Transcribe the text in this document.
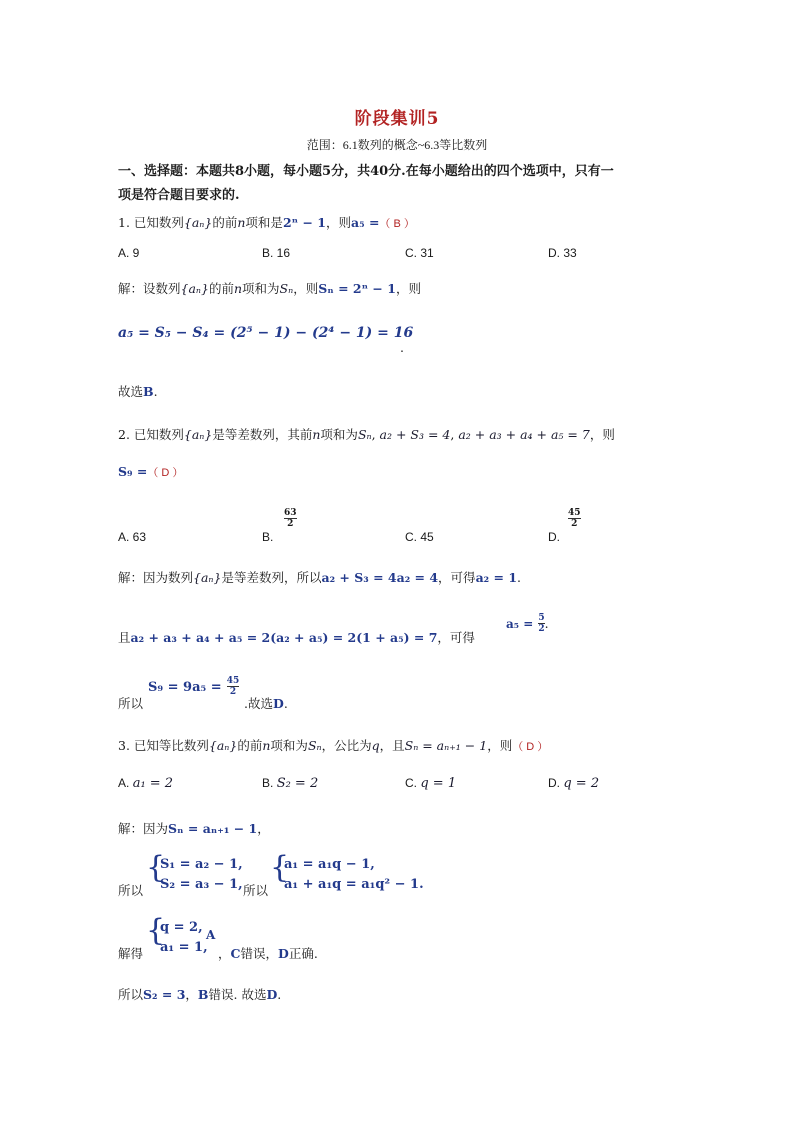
阶段集训5
范围：6.1数列的概念~6.3等比数列
一、选择题：本题共8小题，每小题5分，共40分.在每小题给出的四个选项中，只有一
项是符合题目要求的.
1. 已知数列{aₙ}的前n项和是2ⁿ − 1，则a₅ =（ B ）
A. 9	B. 16	C. 31	D. 33
解：设数列{aₙ}的前n项和为Sₙ，则Sₙ = 2ⁿ − 1，则
a₅ = S₅ − S₄ = (2⁵ − 1) − (2⁴ − 1) = 16
.
故选B.
2. 已知数列{aₙ}是等差数列，其前n项和为Sₙ, a₂ + S₃ = 4, a₂ + a₃ + a₄ + a₅ = 7，则
S₉ =（ D ）
A. 63	B.
$\frac{63}{2}$
C. 45	D.
$\frac{45}{2}$
解：因为数列{aₙ}是等差数列，所以a₂ + S₃ = 4a₂ = 4，可得a₂ = 1.
且a₂ + a₃ + a₄ + a₅ = 2(a₂ + a₅) = 2(1 + a₅) = 7，可得
$a_5 = \frac{5}{2}$ .
$S_9 = 9a_5 = \frac{45}{2}$
所以	.故选D.
3. 已知等比数列{aₙ}的前n项和为Sₙ，公比为q，且Sₙ = aₙ₊₁ − 1，则（ D ）
A. a₁ = 2	B. S₂ = 2	C. q = 1	D. q = 2
解：因为Sₙ = aₙ₊₁ − 1，
{
S₁ = a₂ − 1,
S₂ = a₃ − 1,
所以	所以
{
a₁ = a₁q − 1,
a₁ + a₁q = a₁q² − 1.
解得
{
q = 2,
a₁ = 1,
A
，C错误，D正确.
所以S₂ = 3，B错误. 故选D.
